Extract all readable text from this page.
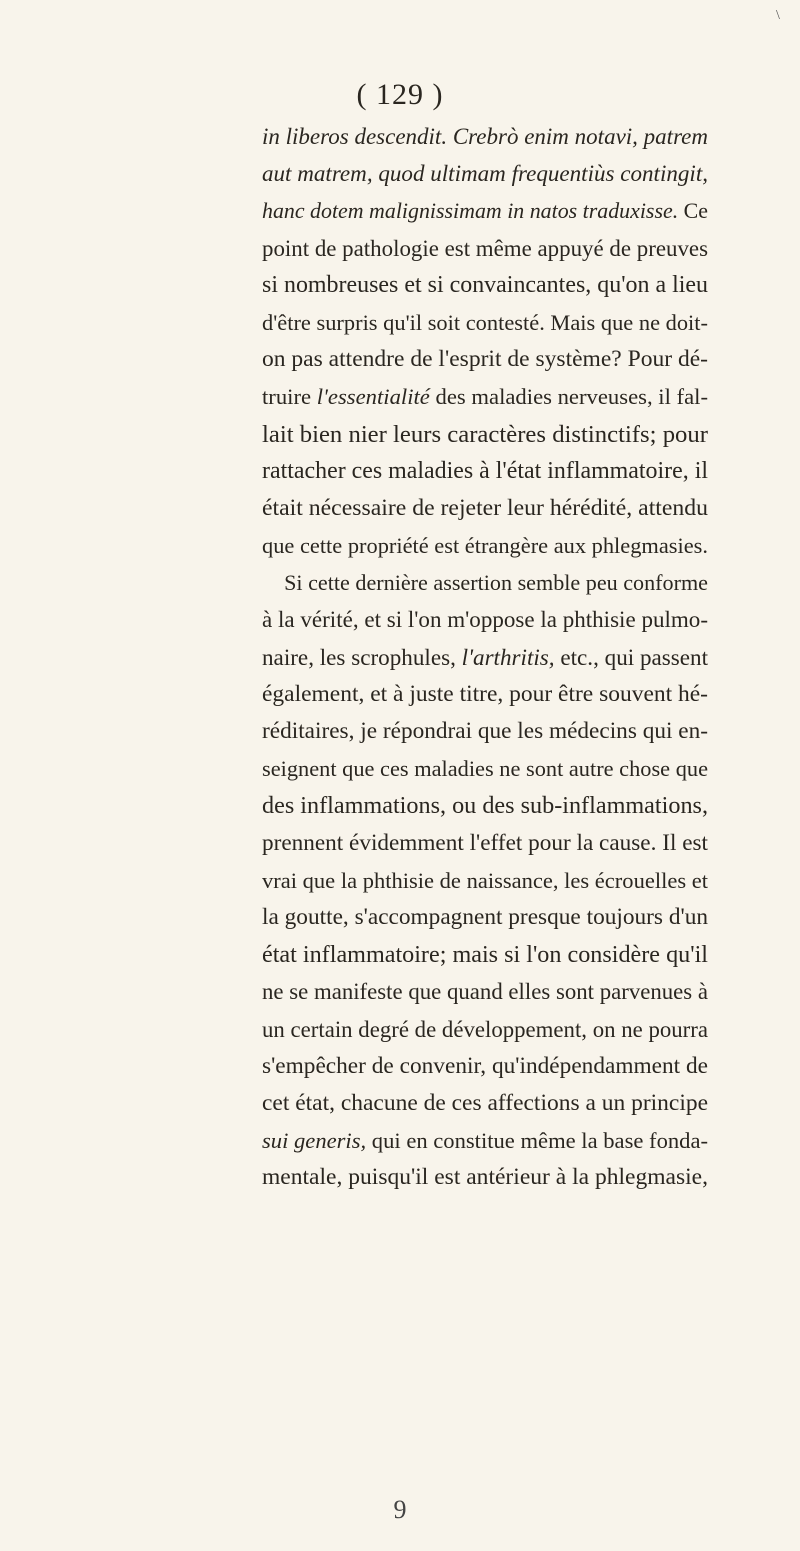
\
( 129 )
in liberos descendit. Crebrò enim notavi, patrem
aut matrem, quod ultimam frequentiùs contingit,
hanc dotem malignissimam in natos traduxisse. Ce
point de pathologie est même appuyé de preuves
si nombreuses et si convaincantes, qu'on a lieu
d'être surpris qu'il soit contesté. Mais que ne doit-
on pas attendre de l'esprit de système? Pour dé-
truire l'essentialité des maladies nerveuses, il fal-
lait bien nier leurs caractères distinctifs; pour
rattacher ces maladies à l'état inflammatoire, il
était nécessaire de rejeter leur hérédité, attendu
que cette propriété est étrangère aux phlegmasies.
Si cette dernière assertion semble peu conforme
à la vérité, et si l'on m'oppose la phthisie pulmo-
naire, les scrophules, l'arthritis, etc., qui passent
également, et à juste titre, pour être souvent hé-
réditaires, je répondrai que les médecins qui en-
seignent que ces maladies ne sont autre chose que
des inflammations, ou des sub-inflammations,
prennent évidemment l'effet pour la cause. Il est
vrai que la phthisie de naissance, les écrouelles et
la goutte, s'accompagnent presque toujours d'un
état inflammatoire; mais si l'on considère qu'il
ne se manifeste que quand elles sont parvenues à
un certain degré de développement, on ne pourra
s'empêcher de convenir, qu'indépendamment de
cet état, chacune de ces affections a un principe
sui generis, qui en constitue même la base fonda-
mentale, puisqu'il est antérieur à la phlegmasie,
9
